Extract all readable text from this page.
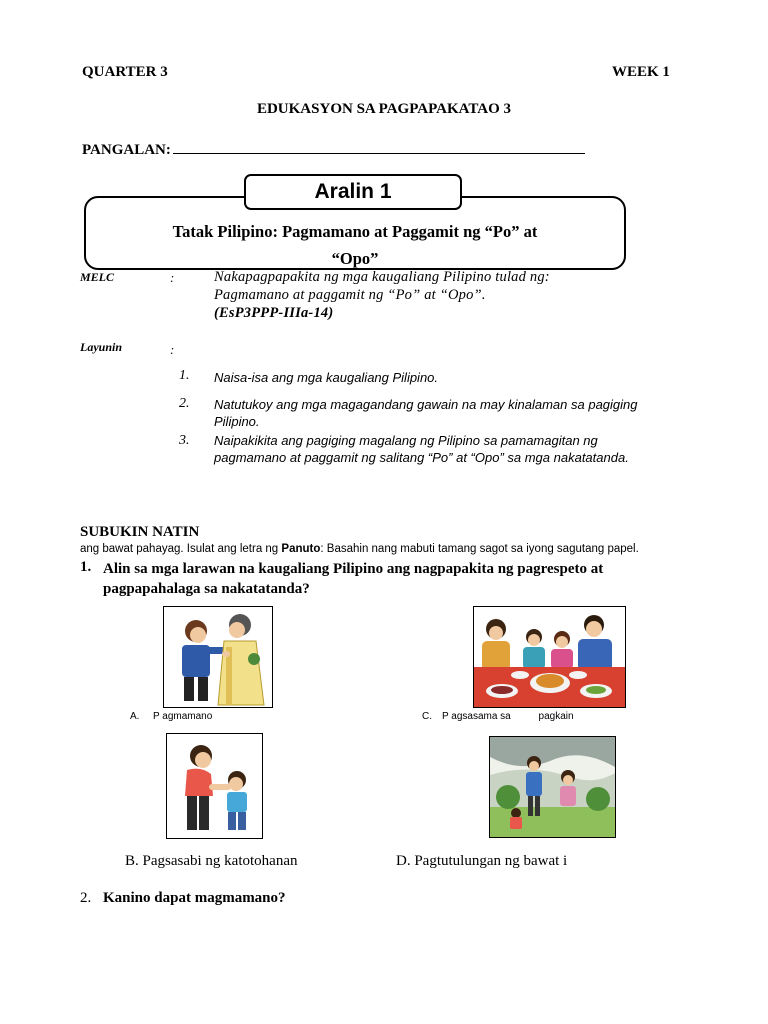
QUARTER 3	WEEK 1
EDUKASYON SA PAGPAPAKATAO 3
PANGALAN:
Tatak Pilipino: Pagmamano at Paggamit ng “Po” at
“Opo”
Aralin 1
MELC	:	Nakapagpapakita ng mga kaugaliang Pilipino tulad ng: Pagmamano at paggamit ng “Po” at “Opo”.
(EsP3PPP-IIIa-14)
Layunin	:
1. Naisa-isa ang mga kaugaliang Pilipino.
2. Natutukoy ang mga magagandang gawain na may kinalaman sa pagiging Pilipino.
3. Naipakikita ang pagiging magalang ng Pilipino sa pamamagitan ng pagmamano at paggamit ng salitang “Po” at “Opo” sa mga nakatatanda.
SUBUKIN NATIN
ang bawat pahayag. Isulat ang letra ng Panuto: Basahin nang mabuti tamang sagot sa iyong sagutang papel.
1. Alin sa mga larawan na kaugaliang Pilipino ang nagpapakita ng pagrespeto at pagpapahalaga sa nakatatanda?
A. P agmamano	C. P agsasama sa          pagkain
B. Pagsasabi ng katotohanan	D. Pagtutulungan ng bawat i
2. Kanino dapat magmamano?
